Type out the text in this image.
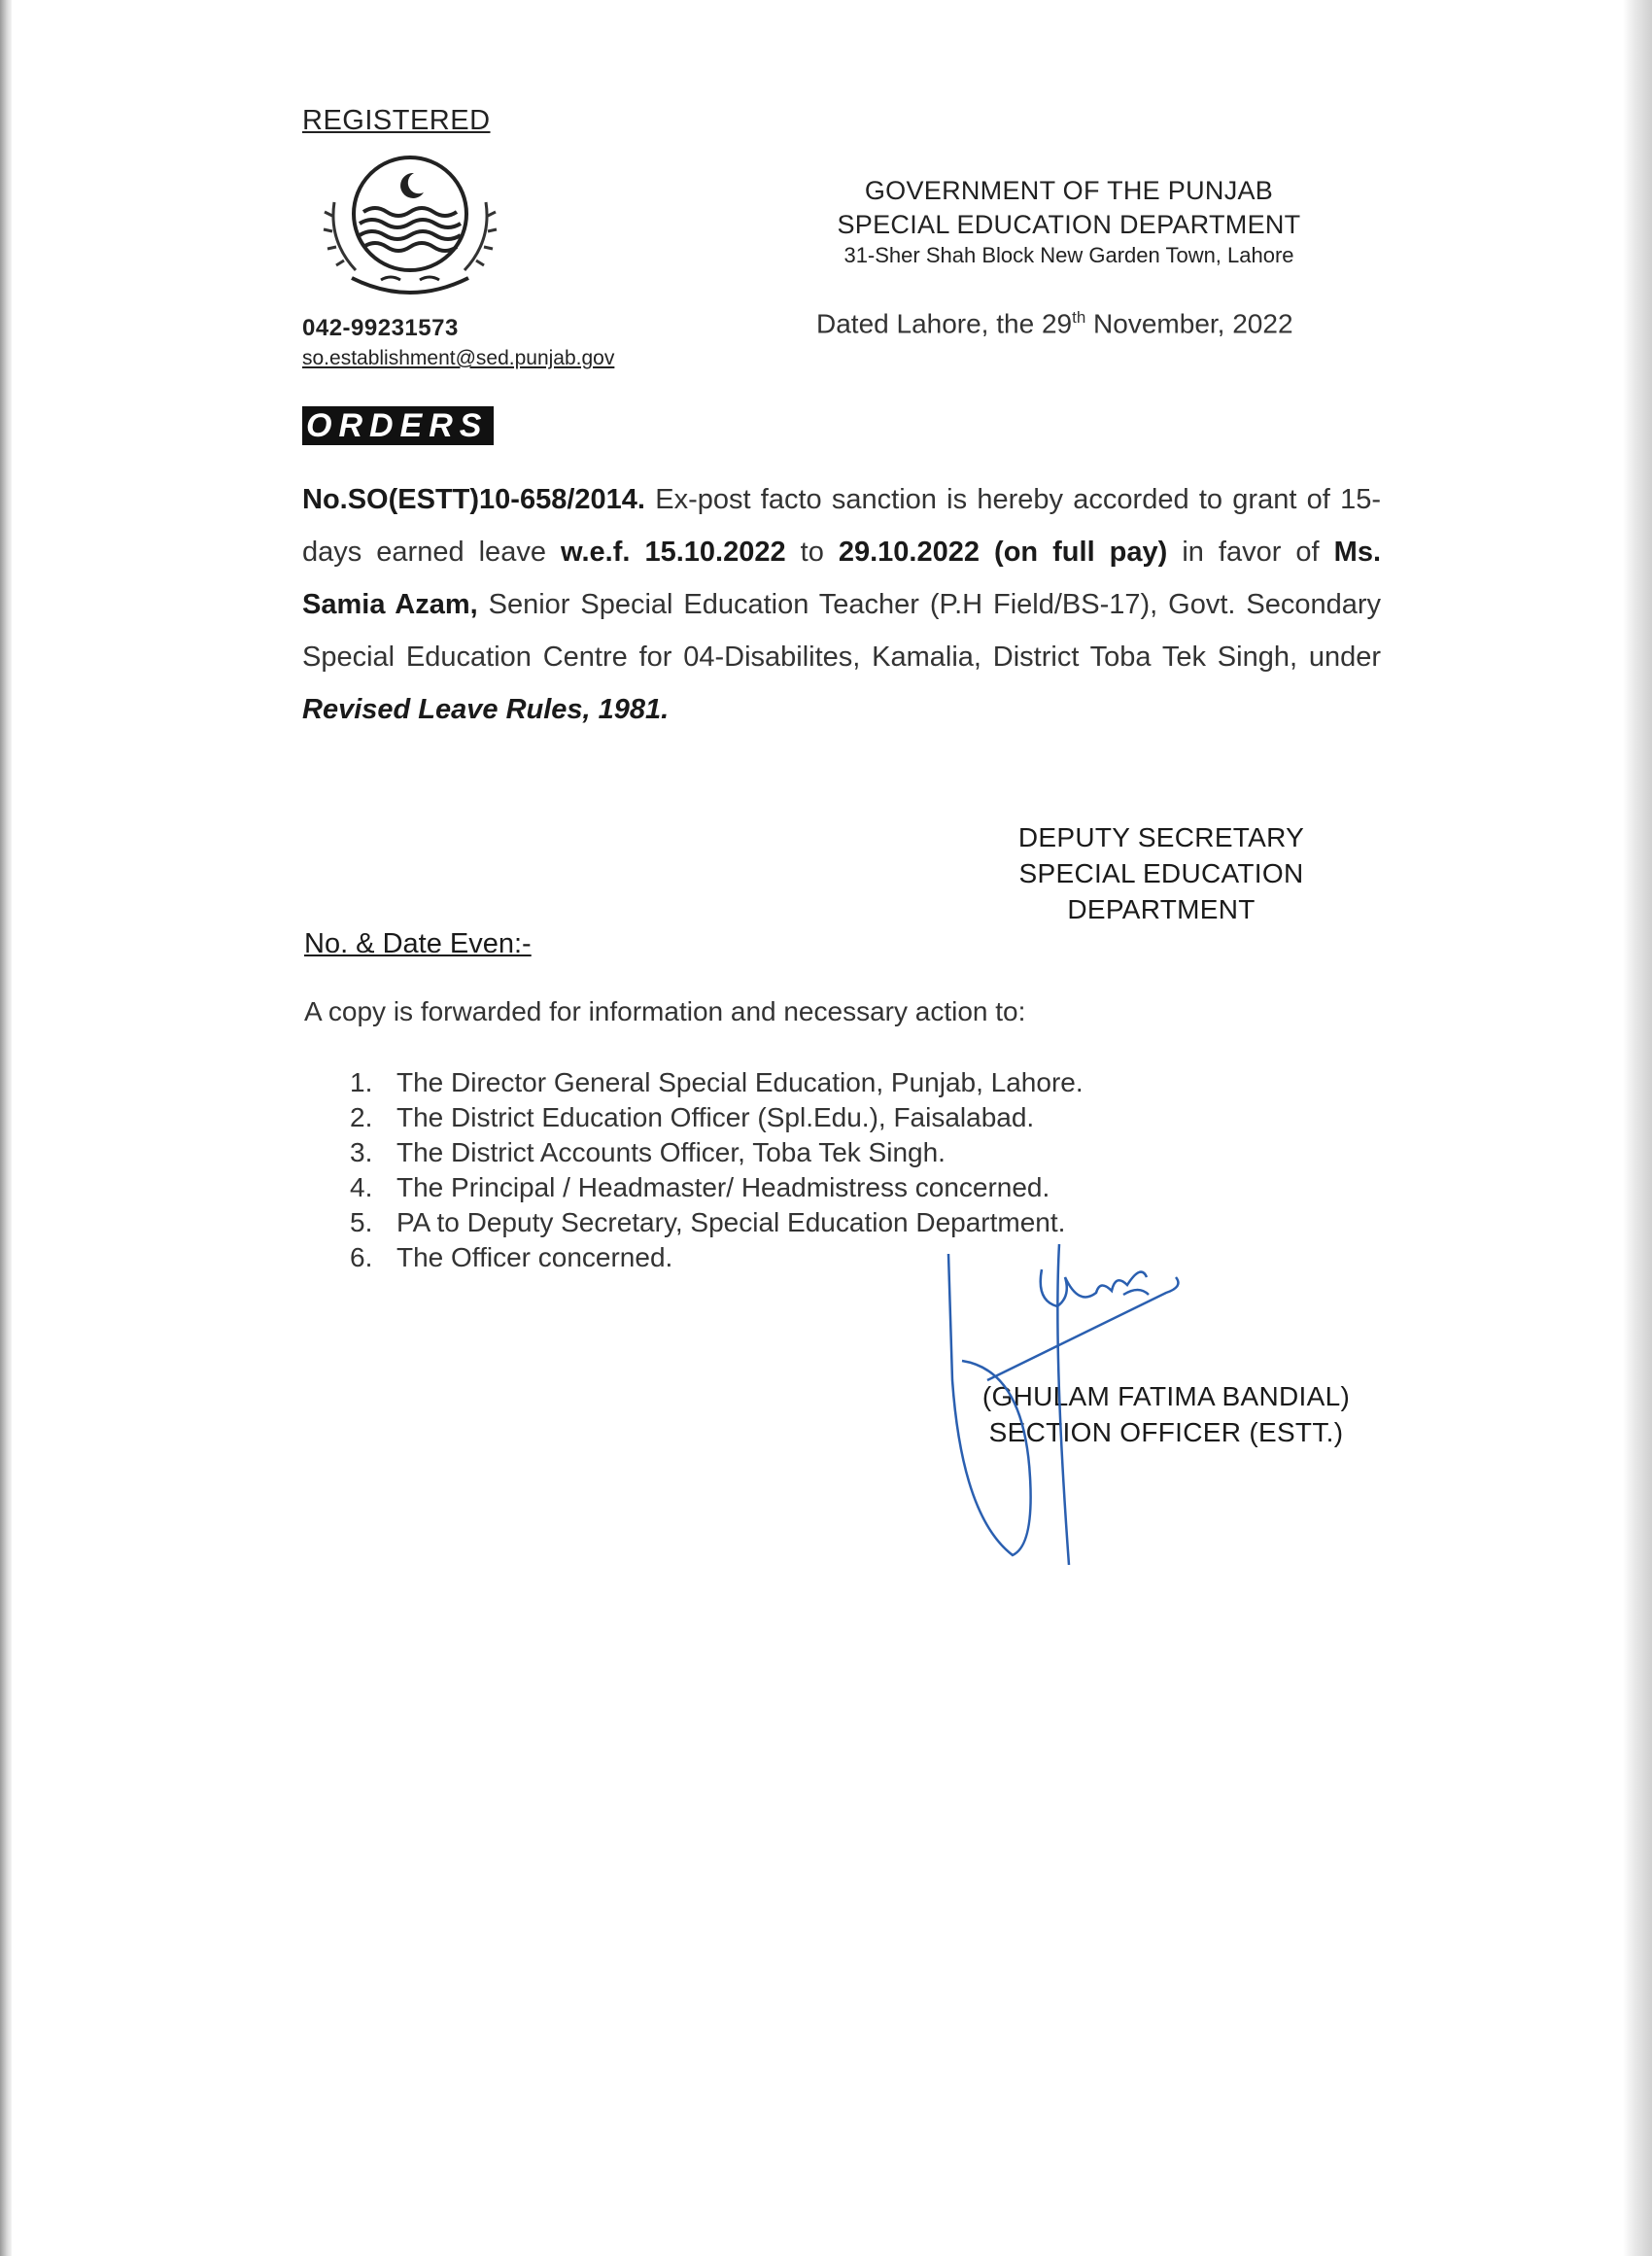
REGISTERED
042-99231573
so.establishment@sed.punjab.gov
GOVERNMENT OF THE PUNJAB
SPECIAL EDUCATION DEPARTMENT
31-Sher Shah Block New Garden Town, Lahore
Dated Lahore, the 29th November, 2022
ORDERS
No.SO(ESTT)10-658/2014. Ex-post facto sanction is hereby accorded to grant of 15-days earned leave w.e.f. 15.10.2022 to 29.10.2022 (on full pay) in favor of Ms. Samia Azam, Senior Special Education Teacher (P.H Field/BS-17), Govt. Secondary Special Education Centre for 04-Disabilites, Kamalia, District Toba Tek Singh, under Revised Leave Rules, 1981.
DEPUTY SECRETARY
SPECIAL EDUCATION
DEPARTMENT
No. & Date Even:-
A copy is forwarded for information and necessary action to:
1. The Director General Special Education, Punjab, Lahore.
2. The District Education Officer (Spl.Edu.), Faisalabad.
3. The District Accounts Officer, Toba Tek Singh.
4. The Principal / Headmaster/ Headmistress concerned.
5. PA to Deputy Secretary, Special Education Department.
6. The Officer concerned.
(GHULAM FATIMA BANDIAL)
SECTION OFFICER (ESTT.)
